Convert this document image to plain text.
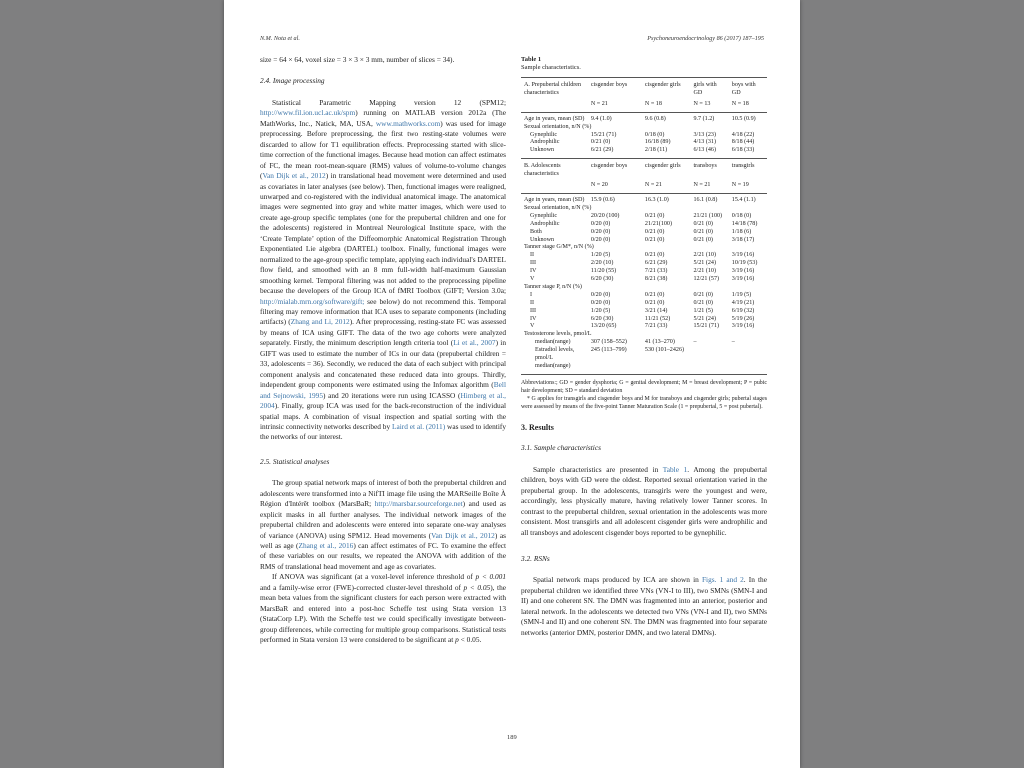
N.M. Nota et al.	Psychoneuroendocrinology 86 (2017) 187–195

size = 64 × 64, voxel size = 3 × 3 × 3 mm, number of slices = 34).

2.4. Image processing

Statistical Parametric Mapping version 12 (SPM12; http://www.fil.ion.ucl.ac.uk/spm) running on MATLAB version 2012a (The MathWorks, Inc., Natick, MA, USA, www.mathworks.com) was used for image preprocessing. Before preprocessing, the first two resting-state volumes were discarded to allow for T1 equilibration effects. Preprocessing started with slice-time correction of the functional images. Because head motion can affect estimates of FC, the mean root-mean-square (RMS) values of volume-to-volume changes (Van Dijk et al., 2012) in translational head movement were determined and used as covariates in later analyses (see below). Then, functional images were realigned, unwarped and co-registered with the individual anatomical image. The anatomical images were segmented into gray and white matter images, which were used to create age-group specific templates (one for the prepubertal children and one for the adolescents) registered in Montreal Neurological Institute space, with the ‘Create Template’ option of the Diffeomorphic Anatomical Registration Through Exponentiated Lie algebra (DARTEL) toolbox. Finally, functional images were normalized to the age-group specific template, applying each individual's DARTEL flow field, and smoothed with an 8 mm full-width half-maximum Gaussian smoothing kernel. Temporal filtering was not added to the preprocessing pipeline because the developers of the Group ICA of fMRI Toolbox (GIFT; Version 3.0a; http://mialab.mrn.org/software/gift; see below) do not recommend this. Temporal filtering may remove information that ICA uses to separate components (including artifacts) (Zhang and Li, 2012). After preprocessing, resting-state FC was assessed by means of ICA using GIFT. The data of the two age cohorts were analyzed separately. Firstly, the minimum description length criteria tool (Li et al., 2007) in GIFT was used to estimate the number of ICs in our data (prepubertal children = 33, adolescents = 36). Secondly, we reduced the data of each subject with principal component analysis and concatenated these reduced data into groups. Thirdly, independent group components were estimated using the Infomax algorithm (Bell and Sejnowski, 1995) and 20 iterations were run using ICASSO (Himberg et al., 2004). Finally, group ICA was used for the back-reconstruction of the individual spatial maps. A combination of visual inspection and spatial sorting with the intrinsic connectivity networks described by Laird et al. (2011) was used to identify the networks of our interest.

2.5. Statistical analyses

The group spatial network maps of interest of both the prepubertal children and adolescents were transformed into a NifTI image file using the MARSeille Boîte À Région d'Intérêt toolbox (MarsBaR; http://marsbar.sourceforge.net) and used as explicit masks in all further analyses. The individual network images of the prepubertal children and adolescents were entered into separate one-way analyses of variance (ANOVA) using SPM12. Head movements (Van Dijk et al., 2012) as well as age (Zhang et al., 2016) can affect estimates of FC. To examine the effect of these variables on our results, we repeated the ANOVA with addition of the RMS of translational head movement and age as covariates.

If ANOVA was significant (at a voxel-level inference threshold of p < 0.001 and a family-wise error (FWE)-corrected cluster-level threshold of p < 0.05), the mean beta values from the significant clusters for each person were extracted with MarsBaR and entered into a post-hoc Scheffe test using Stata version 13 (StataCorp LP). With the Scheffe test we could specifically investigate between-group differences, while correcting for multiple group comparisons. Statistical tests performed in Stata version 13 were considered to be significant at p < 0.05.

Table 1
Sample characteristics.
A. Prepubertal children characteristics	cisgender boys	cisgender girls	girls with GD	boys with GD
	N = 21	N = 18	N = 13	N = 18
Age in years, mean (SD)	9.4 (1.0)	9.6 (0.8)	9.7 (1.2)	10.5 (0.9)
Sexual orientation, n/N (%)				
Gynephilic	15/21 (71)	0/18 (0)	3/13 (23)	4/18 (22)
Androphilic	0/21 (0)	16/18 (89)	4/13 (31)	8/18 (44)
Unknown	6/21 (29)	2/18 (11)	6/13 (46)	6/18 (33)

B. Adolescents characteristics	cisgender boys	cisgender girls	transboys	transgirls
	N = 20	N = 21	N = 21	N = 19
Age in years, mean (SD)	15.9 (0.6)	16.3 (1.0)	16.1 (0.8)	15.4 (1.1)
Sexual orientation, n/N (%)				
Gynephilic	20/20 (100)	0/21 (0)	21/21 (100)	0/18 (0)
Androphilic	0/20 (0)	21/21(100)	0/21 (0)	14/18 (78)
Both	0/20 (0)	0/21 (0)	0/21 (0)	1/18 (6)
Unknown	0/20 (0)	0/21 (0)	0/21 (0)	3/18 (17)
Tanner stage G/M*, n/N (%)				
II	1/20 (5)	0/21 (0)	2/21 (10)	3/19 (16)
III	2/20 (10)	6/21 (29)	5/21 (24)	10/19 (53)
IV	11/20 (55)	7/21 (33)	2/21 (10)	3/19 (16)
V	6/20 (30)	8/21 (38)	12/21 (57)	3/19 (16)
Tanner stage P, n/N (%)				
I	0/20 (0)	0/21 (0)	0/21 (0)	1/19 (5)
II	0/20 (0)	0/21 (0)	0/21 (0)	4/19 (21)
III	1/20 (5)	3/21 (14)	1/21 (5)	6/19 (32)
IV	6/20 (30)	11/21 (52)	5/21 (24)	5/19 (26)
V	13/20 (65)	7/21 (33)	15/21 (71)	3/19 (16)
Testosterone levels, pmol/L				
median(range)	307 (158–552)	41 (13–270)	–	–
Estradiol levels, pmol/L median(range)	245 (113–799)	530 (101–2426)		

Abbreviations:; GD = gender dysphoria; G = genital development; M = breast development; P = pubic hair development; SD = standard deviation
* G applies for transgirls and cisgender boys and M for transboys and cisgender girls; pubertal stages were assessed by means of the five-point Tanner Maturation Scale (1 = prepubertal, 5 = post pubertal).
3. Results
3.1. Sample characteristics

Sample characteristics are presented in Table 1. Among the prepubertal children, boys with GD were the oldest. Reported sexual orientation varied in the prepubertal group. In the adolescents, transgirls were the youngest and were, accordingly, less physically mature, having relatively lower Tanner scores. In contrast to the prepubertal children, sexual orientation in the adolescents was more consistent. Most transgirls and all adolescent cisgender girls were androphilic and all transboys and adolescent cisgender boys reported to be gynephilic.

3.2. RSNs

Spatial network maps produced by ICA are shown in Figs. 1 and 2. In the prepubertal children we identified three VNs (VN-I to III), two SMNs (SMN-I and II) and one coherent SN. The DMN was fragmented into an anterior, posterior and lateral network. In the adolescents we detected two VNs (VN-I and II), two SMNs (SMN-I and II) and one coherent SN. The DMN was fragmented into four separate networks (anterior DMN, posterior DMN, and two lateral DMNs).

189
